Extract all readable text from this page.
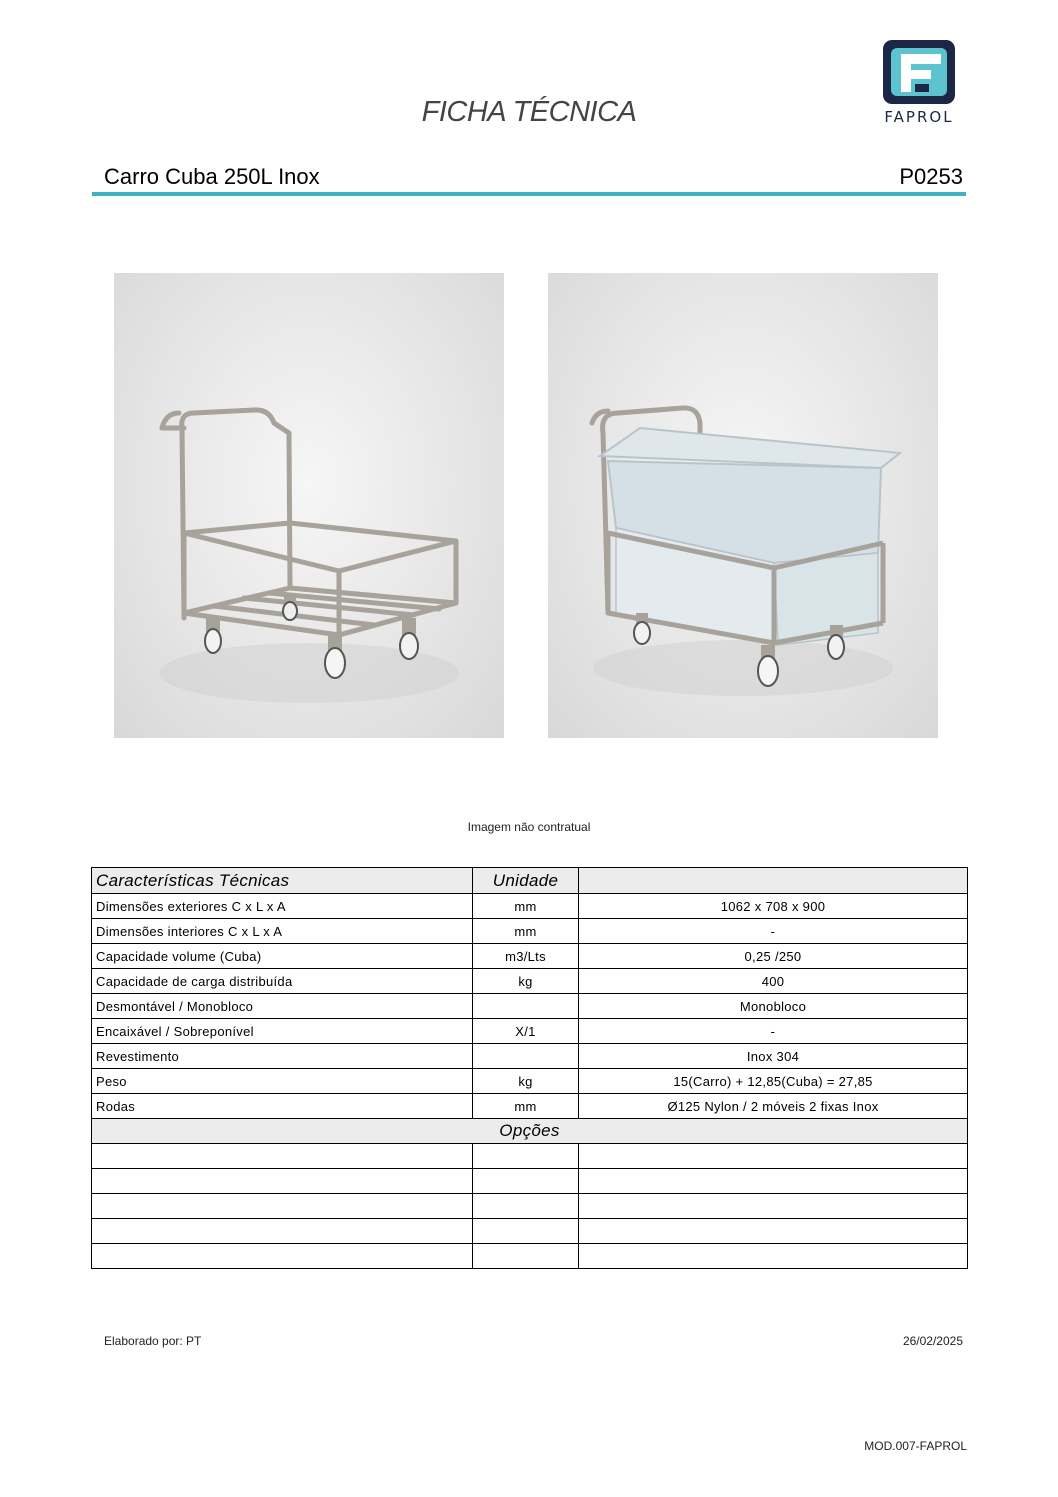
FICHA TÉCNICA	FAPROL
Carro Cuba 250L Inox	P0253
Imagem não contratual
Características Técnicas	Unidade	
Dimensões exteriores C x L x A	mm	1062 x 708 x 900
Dimensões interiores C x L x A	mm	-
Capacidade volume (Cuba)	m3/Lts	0,25 /250
Capacidade de carga distribuída	kg	400
Desmontável / Monobloco		Monobloco
Encaixável / Sobreponível	X/1	-
Revestimento		Inox 304
Peso	kg	15(Carro) + 12,85(Cuba) = 27,85
Rodas	mm	Ø125 Nylon / 2 móveis 2 fixas Inox
Opções		

Elaborado por: PT	26/02/2025
MOD.007-FAPROL
